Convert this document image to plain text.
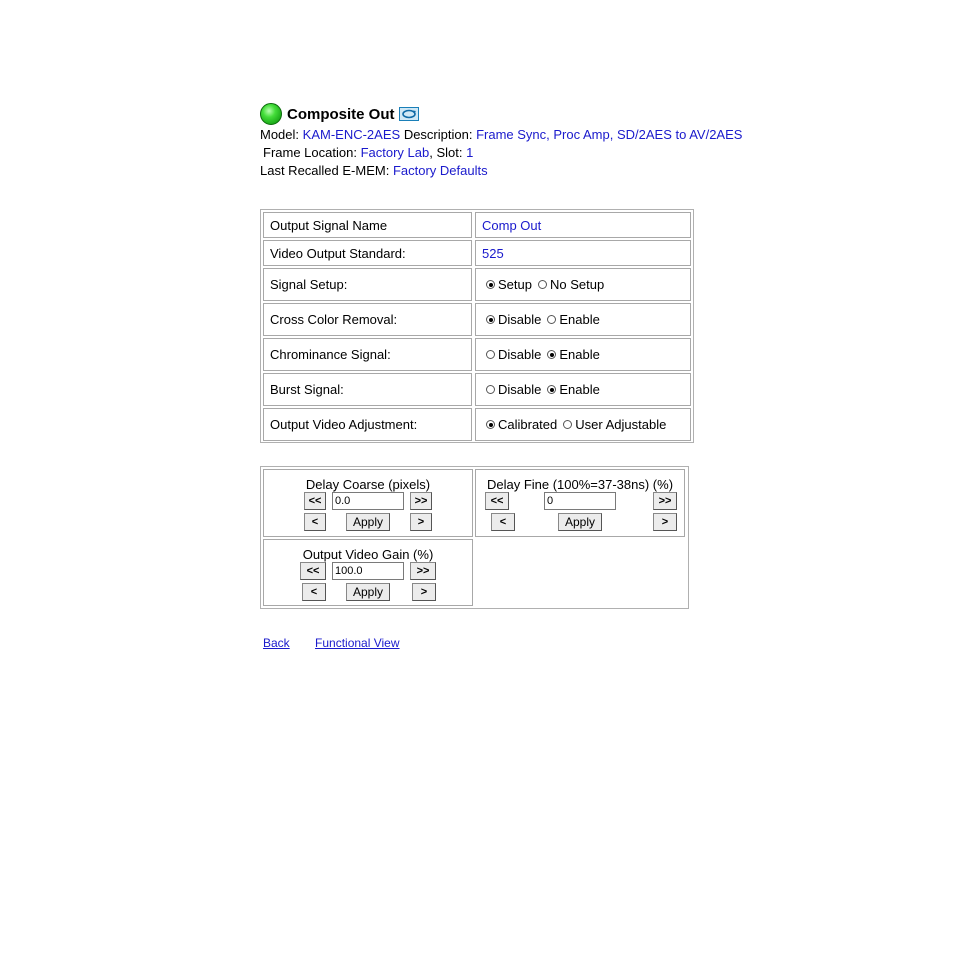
Composite Out
Model: KAM-ENC-2AES Description: Frame Sync, Proc Amp, SD/2AES to AV/2AES
Frame Location: Factory Lab, Slot: 1
Last Recalled E-MEM: Factory Defaults
Output Signal Name	Comp Out
Video Output Standard:	525
Signal Setup:	Setup No Setup
Cross Color Removal:	Disable Enable
Chrominance Signal:	Disable Enable
Burst Signal:	Disable Enable
Output Video Adjustment:	Calibrated User Adjustable
Delay Coarse (pixels)
<<
0.0	>>
<	Apply	>
Delay Fine (100%=37-38ns) (%)
<<
0	>>
<	Apply	>
Output Video Gain (%)
<<
100.0	>>
<	Apply	>
Back Functional View
